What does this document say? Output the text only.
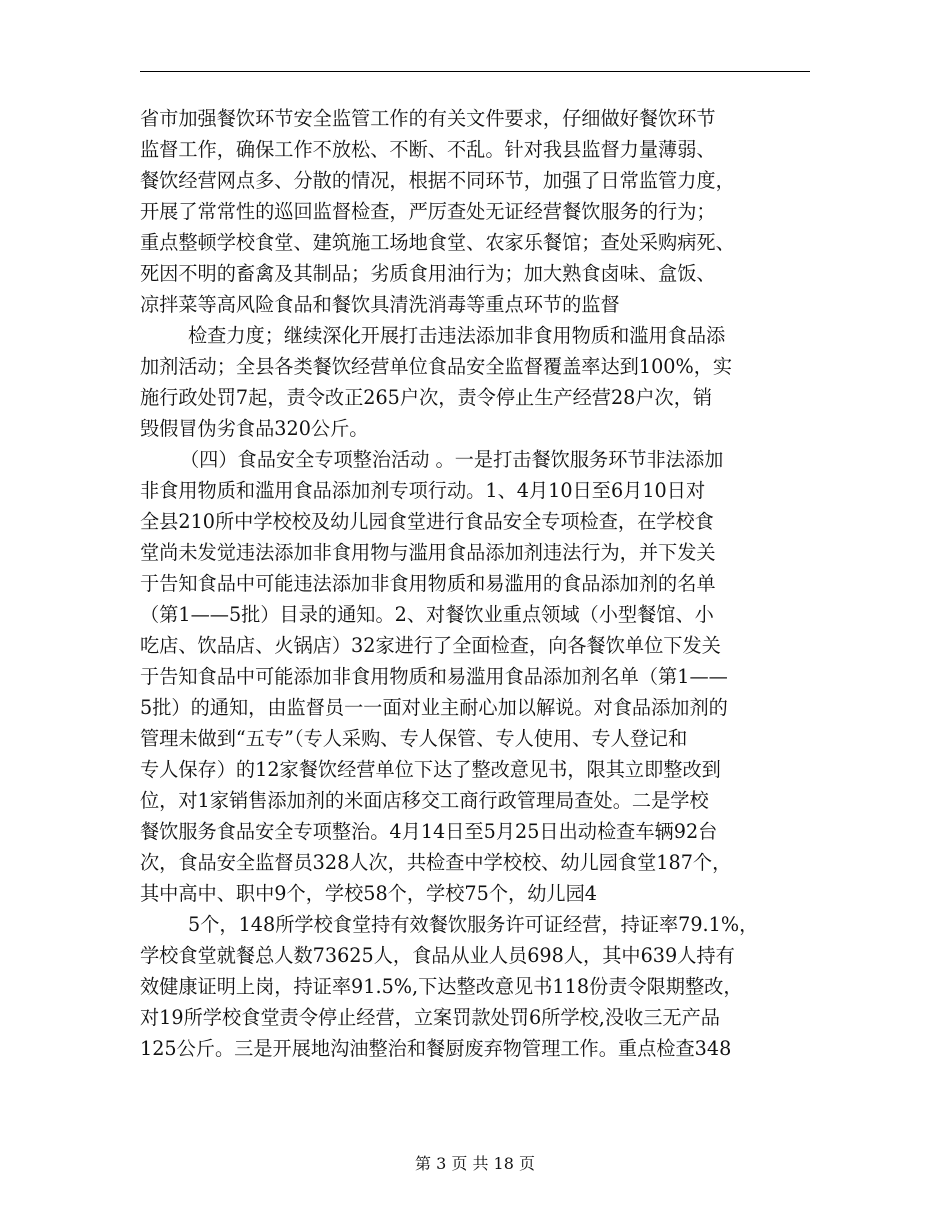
省市加强餐饮环节安全监管工作的有关文件要求，仔细做好餐饮环节
监督工作，确保工作不放松、不断、不乱。针对我县监督力量薄弱、
餐饮经营网点多、分散的情况，根据不同环节，加强了日常监管力度，
开展了常常性的巡回监督检查，严厉查处无证经营餐饮服务的行为；
重点整顿学校食堂、建筑施工场地食堂、农家乐餐馆；查处采购病死、
死因不明的畜禽及其制品；劣质食用油行为；加大熟食卤味、盒饭、
凉拌菜等高风险食品和餐饮具清洗消毒等重点环节的监督
检查力度；继续深化开展打击违法添加非食用物质和滥用食品添
加剂活动；全县各类餐饮经营单位食品安全监督覆盖率达到100%，实
施行政处罚7起，责令改正265户次，责令停止生产经营28户次，销
毁假冒伪劣食品320公斤。
（四）食品安全专项整治活动 。一是打击餐饮服务环节非法添加
非食用物质和滥用食品添加剂专项行动。1、4月10日至6月10日对
全县210所中学校校及幼儿园食堂进行食品安全专项检查，在学校食
堂尚未发觉违法添加非食用物与滥用食品添加剂违法行为，并下发关
于告知食品中可能违法添加非食用物质和易滥用的食品添加剂的名单
（第1——5批）目录的通知。2、对餐饮业重点领域（小型餐馆、小
吃店、饮品店、火锅店）32家进行了全面检查，向各餐饮单位下发关
于告知食品中可能添加非食用物质和易滥用食品添加剂名单（第1——
5批）的通知，由监督员一一面对业主耐心加以解说。对食品添加剂的
管理未做到“五专”（专人采购、专人保管、专人使用、专人登记和
专人保存）的12家餐饮经营单位下达了整改意见书，限其立即整改到
位，对1家销售添加剂的米面店移交工商行政管理局查处。二是学校
餐饮服务食品安全专项整治。4月14日至5月25日出动检查车辆92台
次，食品安全监督员328人次，共检查中学校校、幼儿园食堂187个，
其中高中、职中9个，学校58个，学校75个，幼儿园4
5个，148所学校食堂持有效餐饮服务许可证经营，持证率79.1%，
学校食堂就餐总人数73625人，食品从业人员698人，其中639人持有
效健康证明上岗，持证率91.5%,下达整改意见书118份责令限期整改，
对19所学校食堂责令停止经营，立案罚款处罚6所学校,没收三无产品
125公斤。三是开展地沟油整治和餐厨废弃物管理工作。重点检查348
第 3 页 共 18 页
